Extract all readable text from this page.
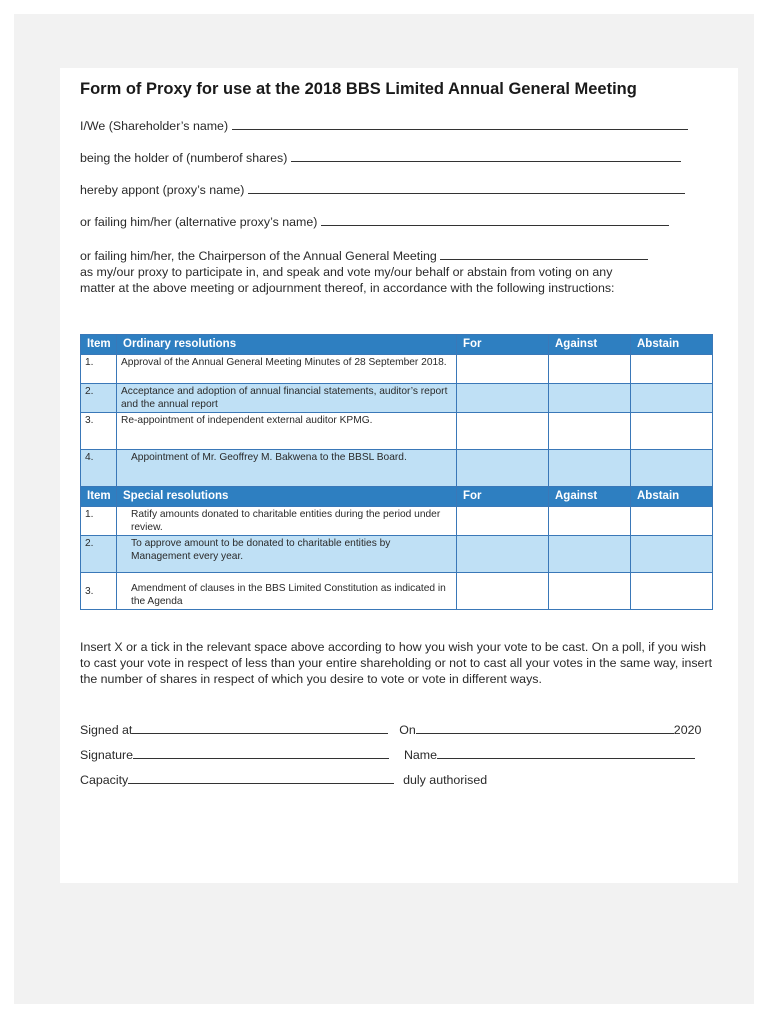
Form of Proxy for use at the 2018 BBS Limited Annual General Meeting
I/We (Shareholder’s name)
being the holder of (numberof shares)
hereby appont (proxy’s name)
or failing him/her (alternative proxy’s name)
or failing him/her, the Chairperson of the Annual General Meeting
as my/our proxy to participate in, and speak and vote my/our behalf or abstain from voting on any
matter at the above meeting or adjournment thereof, in accordance with the following instructions:
Item	Ordinary resolutions	For	Against	Abstain
1.	Approval of the Annual General Meeting Minutes of 28 September 2018.			
2.	Acceptance and adoption of annual financial statements, auditor’s report and the annual report			
3.	Re-appointment of independent external auditor KPMG.			
4.	Appointment of Mr. Geoffrey M. Bakwena to the BBSL Board.			

Item	Special resolutions	For	Against	Abstain
1.	Ratify amounts donated to charitable entities during the period under review.			

2.	To approve amount to be donated to charitable entities by Management every year.			

3.	Amendment of clauses in the BBS Limited Constitution as indicated in the Agenda			

Insert X or a tick in the relevant space above according to how you wish your vote to be cast. On a poll, if you wish to cast your vote in respect of less than your entire shareholding or not to cast all your votes in the same way, insert the number of shares in respect of which you desire to vote or vote in different ways.
Signed at	On	2020
Signature	Name
Capacity	duly authorised
